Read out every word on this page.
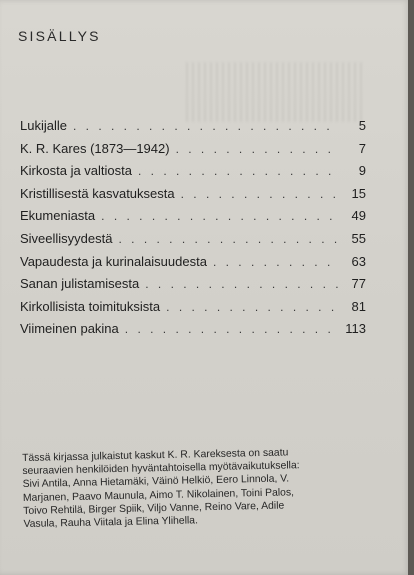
SISÄLLYS
Lukijalle . . .	5
K. R. Kares (1873—1942) . . .	7
Kirkosta ja valtiosta . . .	9
Kristillisestä kasvatuksesta . . .	15
Ekumeniasta . . .	49
Siveellisyydestä . . .	55
Vapaudesta ja kurinalaisuudesta . . .	63
Sanan julistamisesta . . .	77
Kirkollisista toimituksista . . .	81
Viimeinen pakina . . .	113
Tässä kirjassa julkaistut kaskut K. R. Kareksesta on saatu
seuraavien henkilöiden hyväntahtoisella myötävaikutuksella:
Sivi Antila, Anna Hietamäki, Väinö Helkiö, Eero Linnola, V.
Marjanen, Paavo Maunula, Aimo T. Nikolainen, Toini Palos,
Toivo Rehtilä, Birger Spiik, Viljo Vanne, Reino Vare, Adile
Vasula, Rauha Viitala ja Elina Ylihella.
